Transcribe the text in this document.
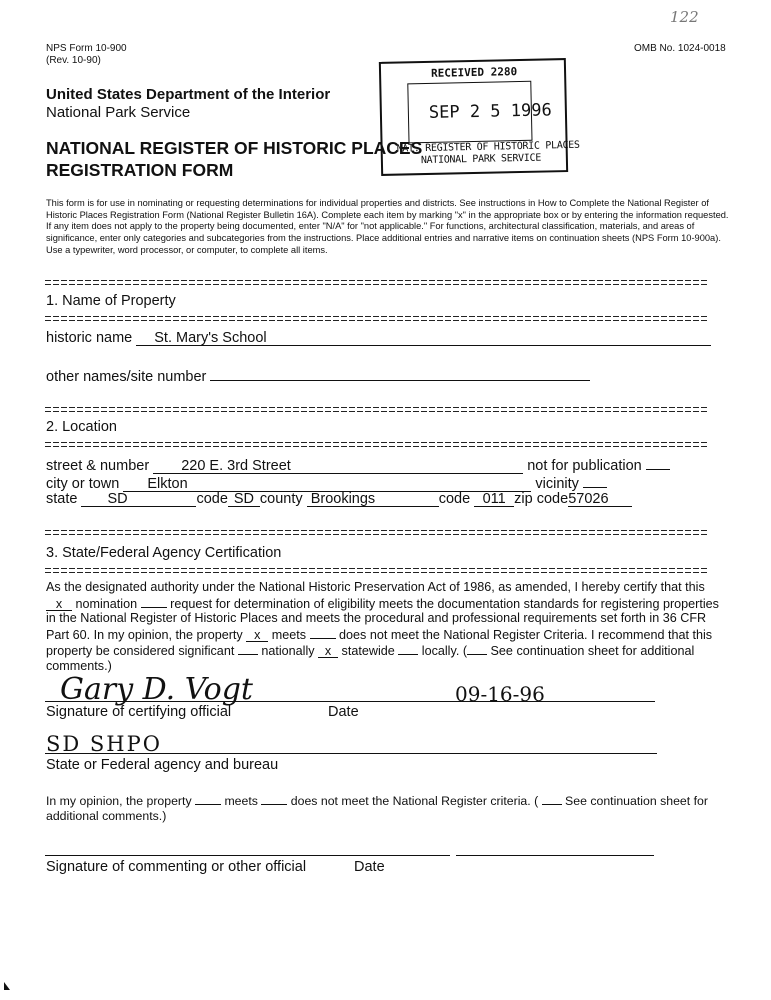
NPS Form 10-900
(Rev. 10-90)
OMB No. 1024-0018
122
United States Department of the Interior
National Park Service
NATIONAL REGISTER OF HISTORIC PLACES
REGISTRATION FORM
RECEIVED 2280
SEP 2 5 1996
NAT. REGISTER OF HISTORIC PLACES
NATIONAL PARK SERVICE
This form is for use in nominating or requesting determinations for individual properties and districts. See instructions in How to Complete the National Register of Historic Places Registration Form (National Register Bulletin 16A). Complete each item by marking "x" in the appropriate box or by entering the information requested. If any item does not apply to the property being documented, enter "N/A" for "not applicable." For functions, architectural classification, materials, and areas of significance, enter only categories and subcategories from the instructions. Place additional entries and narrative items on continuation sheets (NPS Form 10-900a). Use a typewriter, word processor, or computer, to complete all items.
1. Name of Property
historic name St. Mary's School
other names/site number
2. Location
street & number 220 E. 3rd Street	not for publication
city or town Elkton	vicinity
state SD	code SD county Brookings	code 011 zip code57026
3. State/Federal Agency Certification
As the designated authority under the National Historic Preservation Act of 1986, as amended, I hereby certify that this x nomination	request for determination of eligibility meets the documentation standards for registering properties in the National Register of Historic Places and meets the procedural and professional requirements set forth in 36 CFR Part 60. In my opinion, the property x meets	does not meet the National Register Criteria. I recommend that this property be considered significant nationally x statewide locally. ( See continuation sheet for additional comments.)
Gary D. Vogt	09-16-96
Signature of certifying official	Date
SD SHPO
State or Federal agency and bureau
In my opinion, the property	meets	does not meet the National Register criteria. ( See continuation sheet for additional comments.)
Signature of commenting or other official	Date
